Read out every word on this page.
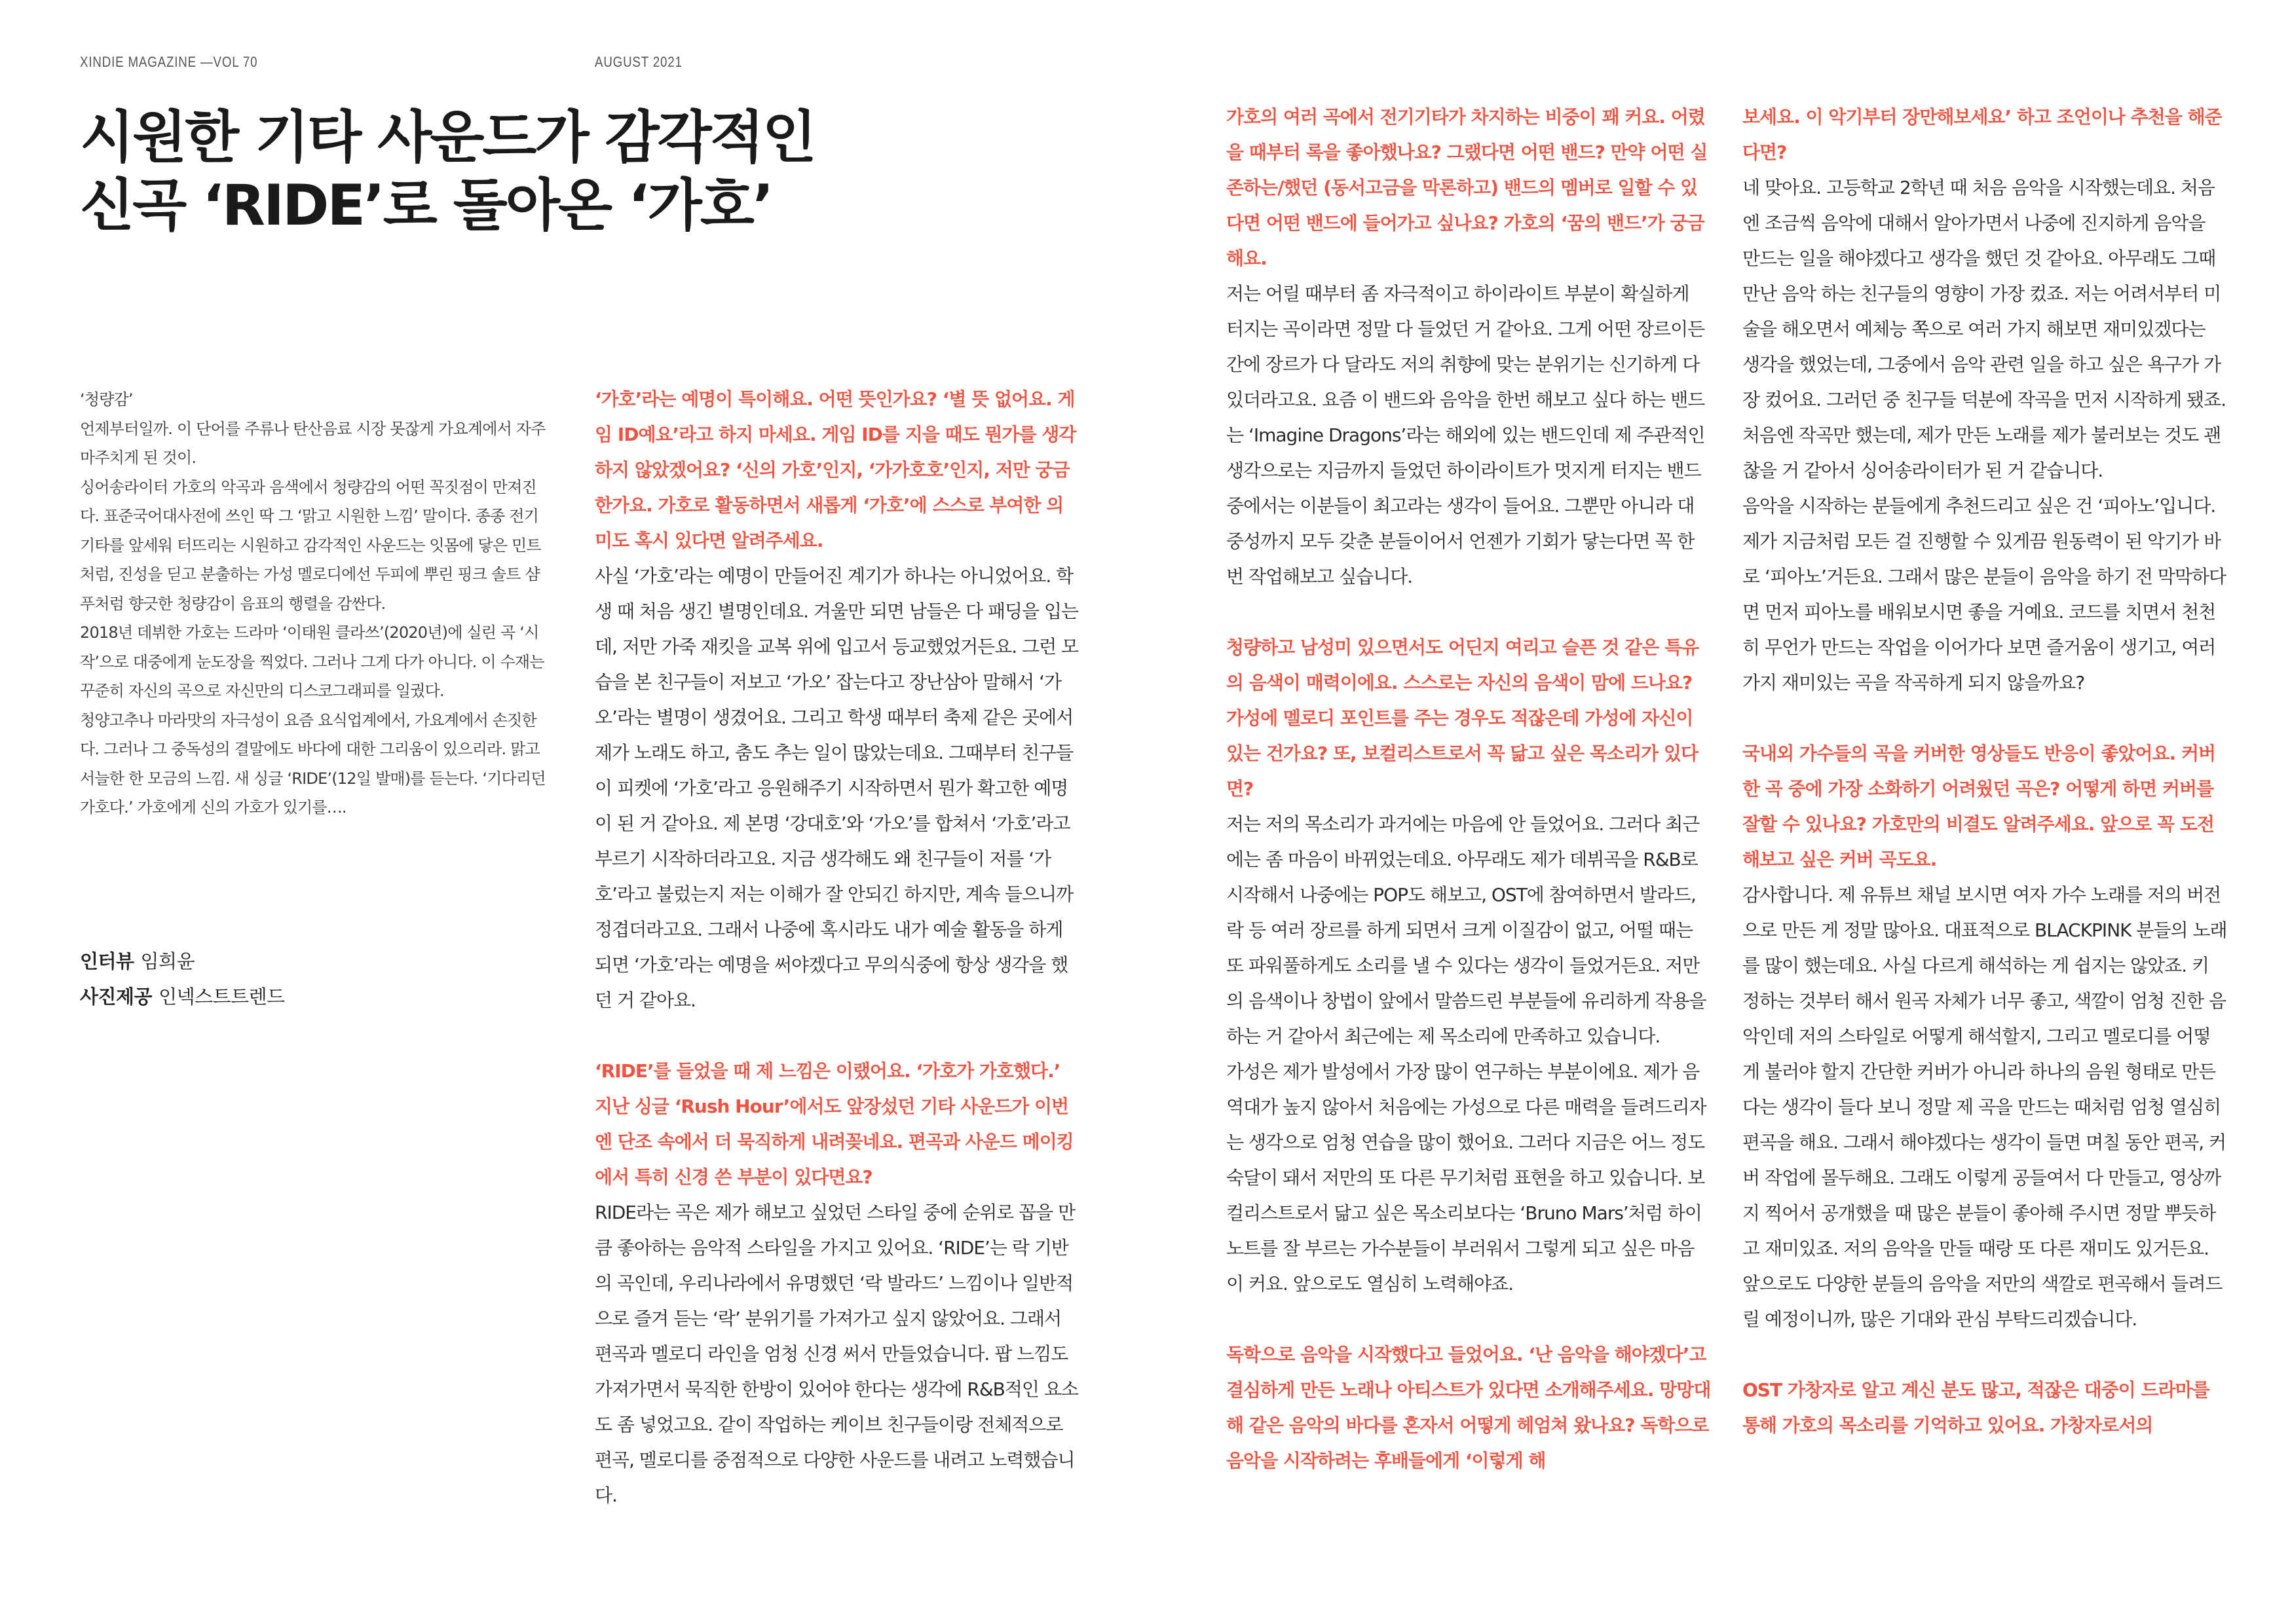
XINDIE MAGAZINE —VOL 70	AUGUST 2021
시원한 기타 사운드가 감각적인
신곡 ‘RIDE’로 돌아온 ‘가호’

‘청량감’

언제부터일까. 이 단어를 주류나 탄산음료 시장 못잖게 가요계에서 자주 마주치게 된 것이.

싱어송라이터 가호의 악곡과 음색에서 청량감의 어떤 꼭짓점이 만져진다. 표준국어대사전에 쓰인 딱 그 ‘맑고 시원한 느낌’ 말이다. 종종 전기기타를 앞세워 터뜨리는 시원하고 감각적인 사운드는 잇몸에 닿은 민트처럼, 진성을 딛고 분출하는 가성 멜로디에선 두피에 뿌린 핑크 솔트 샴푸처럼 향긋한 청량감이 음표의 행렬을 감싼다.

2018년 데뷔한 가호는 드라마 ‘이태원 클라쓰’(2020년)에 실린 곡 ‘시작’으로 대중에게 눈도장을 찍었다. 그러나 그게 다가 아니다. 이 수재는 꾸준히 자신의 곡으로 자신만의 디스코그래피를 일궜다.

청양고추나 마라맛의 자극성이 요즘 요식업계에서, 가요계에서 손짓한다. 그러나 그 중독성의 결말에도 바다에 대한 그리움이 있으리라. 맑고 서늘한 한 모금의 느낌. 새 싱글 ‘RIDE’(12일 발매)를 듣는다. ‘기다리던 가호다.’ 가호에게 신의 가호가 있기를….

인터뷰 임희윤
사진제공 인넥스트트렌드

‘가호’라는 예명이 특이해요. 어떤 뜻인가요? ‘별 뜻 없어요. 게임 ID예요’라고 하지 마세요. 게임 ID를 지을 때도 뭔가를 생각하지 않았겠어요? ‘신의 가호’인지, ‘가가호호’인지, 저만 궁금한가요. 가호로 활동하면서 새롭게 ‘가호’에 스스로 부여한 의미도 혹시 있다면 알려주세요.

사실 ‘가호’라는 예명이 만들어진 계기가 하나는 아니었어요. 학생 때 처음 생긴 별명인데요. 겨울만 되면 남들은 다 패딩을 입는데, 저만 가죽 재킷을 교복 위에 입고서 등교했었거든요. 그런 모습을 본 친구들이 저보고 ‘가오’ 잡는다고 장난삼아 말해서 ‘가오’라는 별명이 생겼어요. 그리고 학생 때부터 축제 같은 곳에서 제가 노래도 하고, 춤도 추는 일이 많았는데요. 그때부터 친구들이 피켓에 ‘가호’라고 응원해주기 시작하면서 뭔가 확고한 예명이 된 거 같아요. 제 본명 ‘강대호’와 ‘가오’를 합쳐서 ‘가호’라고 부르기 시작하더라고요. 지금 생각해도 왜 친구들이 저를 ‘가호’라고 불렀는지 저는 이해가 잘 안되긴 하지만, 계속 들으니까 정겹더라고요. 그래서 나중에 혹시라도 내가 예술 활동을 하게 되면 ‘가호’라는 예명을 써야겠다고 무의식중에 항상 생각을 했던 거 같아요.

‘RIDE’를 들었을 때 제 느낌은 이랬어요. ‘가호가 가호했다.’ 지난 싱글 ‘Rush Hour’에서도 앞장섰던 기타 사운드가 이번엔 단조 속에서 더 묵직하게 내려꽂네요. 편곡과 사운드 메이킹에서 특히 신경 쓴 부분이 있다면요?

RIDE라는 곡은 제가 해보고 싶었던 스타일 중에 순위로 꼽을 만큼 좋아하는 음악적 스타일을 가지고 있어요. ‘RIDE’는 락 기반의 곡인데, 우리나라에서 유명했던 ‘락 발라드’ 느낌이나 일반적으로 즐겨 듣는 ‘락’ 분위기를 가져가고 싶지 않았어요. 그래서 편곡과 멜로디 라인을 엄청 신경 써서 만들었습니다. 팝 느낌도 가져가면서 묵직한 한방이 있어야 한다는 생각에 R&B적인 요소도 좀 넣었고요. 같이 작업하는 케이브 친구들이랑 전체적으로 편곡, 멜로디를 중점적으로 다양한 사운드를 내려고 노력했습니다.

가호의 여러 곡에서 전기기타가 차지하는 비중이 꽤 커요. 어렸을 때부터 록을 좋아했나요? 그랬다면 어떤 밴드? 만약 어떤 실존하는/했던 (동서고금을 막론하고) 밴드의 멤버로 일할 수 있다면 어떤 밴드에 들어가고 싶나요? 가호의 ‘꿈의 밴드’가 궁금해요.

저는 어릴 때부터 좀 자극적이고 하이라이트 부분이 확실하게 터지는 곡이라면 정말 다 들었던 거 같아요. 그게 어떤 장르이든 간에 장르가 다 달라도 저의 취향에 맞는 분위기는 신기하게 다 있더라고요. 요즘 이 밴드와 음악을 한번 해보고 싶다 하는 밴드는 ‘Imagine Dragons’라는 해외에 있는 밴드인데 제 주관적인 생각으로는 지금까지 들었던 하이라이트가 멋지게 터지는 밴드 중에서는 이분들이 최고라는 생각이 들어요. 그뿐만 아니라 대중성까지 모두 갖춘 분들이어서 언젠가 기회가 닿는다면 꼭 한번 작업해보고 싶습니다.

청량하고 남성미 있으면서도 어딘지 여리고 슬픈 것 같은 특유의 음색이 매력이에요. 스스로는 자신의 음색이 맘에 드나요? 가성에 멜로디 포인트를 주는 경우도 적잖은데 가성에 자신이 있는 건가요? 또, 보컬리스트로서 꼭 닮고 싶은 목소리가 있다면?

저는 저의 목소리가 과거에는 마음에 안 들었어요. 그러다 최근에는 좀 마음이 바뀌었는데요. 아무래도 제가 데뷔곡을 R&B로 시작해서 나중에는 POP도 해보고, OST에 참여하면서 발라드, 락 등 여러 장르를 하게 되면서 크게 이질감이 없고, 어떨 때는 또 파워풀하게도 소리를 낼 수 있다는 생각이 들었거든요. 저만의 음색이나 창법이 앞에서 말씀드린 부분들에 유리하게 작용을 하는 거 같아서 최근에는 제 목소리에 만족하고 있습니다.

가성은 제가 발성에서 가장 많이 연구하는 부분이에요. 제가 음역대가 높지 않아서 처음에는 가성으로 다른 매력을 들려드리자는 생각으로 엄청 연습을 많이 했어요. 그러다 지금은 어느 정도 숙달이 돼서 저만의 또 다른 무기처럼 표현을 하고 있습니다. 보컬리스트로서 닮고 싶은 목소리보다는 ‘Bruno Mars’처럼 하이 노트를 잘 부르는 가수분들이 부러워서 그렇게 되고 싶은 마음이 커요. 앞으로도 열심히 노력해야죠.

독학으로 음악을 시작했다고 들었어요. ‘난 음악을 해야겠다’고 결심하게 만든 노래나 아티스트가 있다면 소개해주세요. 망망대해 같은 음악의 바다를 혼자서 어떻게 헤엄쳐 왔나요? 독학으로 음악을 시작하려는 후배들에게 ‘이렇게 해

보세요. 이 악기부터 장만해보세요’ 하고 조언이나 추천을 해준다면?

네 맞아요. 고등학교 2학년 때 처음 음악을 시작했는데요. 처음엔 조금씩 음악에 대해서 알아가면서 나중에 진지하게 음악을 만드는 일을 해야겠다고 생각을 했던 것 같아요. 아무래도 그때 만난 음악 하는 친구들의 영향이 가장 컸죠. 저는 어려서부터 미술을 해오면서 예체능 쪽으로 여러 가지 해보면 재미있겠다는 생각을 했었는데, 그중에서 음악 관련 일을 하고 싶은 욕구가 가장 컸어요. 그러던 중 친구들 덕분에 작곡을 먼저 시작하게 됐죠. 처음엔 작곡만 했는데, 제가 만든 노래를 제가 불러보는 것도 괜찮을 거 같아서 싱어송라이터가 된 거 같습니다.

음악을 시작하는 분들에게 추천드리고 싶은 건 ‘피아노’입니다. 제가 지금처럼 모든 걸 진행할 수 있게끔 원동력이 된 악기가 바로 ‘피아노’거든요. 그래서 많은 분들이 음악을 하기 전 막막하다면 먼저 피아노를 배워보시면 좋을 거예요. 코드를 치면서 천천히 무언가 만드는 작업을 이어가다 보면 즐거움이 생기고, 여러 가지 재미있는 곡을 작곡하게 되지 않을까요?

국내외 가수들의 곡을 커버한 영상들도 반응이 좋았어요. 커버한 곡 중에 가장 소화하기 어려웠던 곡은? 어떻게 하면 커버를 잘할 수 있나요? 가호만의 비결도 알려주세요. 앞으로 꼭 도전해보고 싶은 커버 곡도요.

감사합니다. 제 유튜브 채널 보시면 여자 가수 노래를 저의 버전으로 만든 게 정말 많아요. 대표적으로 BLACKPINK 분들의 노래를 많이 했는데요. 사실 다르게 해석하는 게 쉽지는 않았죠. 키 정하는 것부터 해서 원곡 자체가 너무 좋고, 색깔이 엄청 진한 음악인데 저의 스타일로 어떻게 해석할지, 그리고 멜로디를 어떻게 불러야 할지 간단한 커버가 아니라 하나의 음원 형태로 만든다는 생각이 들다 보니 정말 제 곡을 만드는 때처럼 엄청 열심히 편곡을 해요. 그래서 해야겠다는 생각이 들면 며칠 동안 편곡, 커버 작업에 몰두해요. 그래도 이렇게 공들여서 다 만들고, 영상까지 찍어서 공개했을 때 많은 분들이 좋아해 주시면 정말 뿌듯하고 재미있죠. 저의 음악을 만들 때랑 또 다른 재미도 있거든요. 앞으로도 다양한 분들의 음악을 저만의 색깔로 편곡해서 들려드릴 예정이니까, 많은 기대와 관심 부탁드리겠습니다.

OST 가창자로 알고 계신 분도 많고, 적잖은 대중이 드라마를 통해 가호의 목소리를 기억하고 있어요. 가창자로서의
